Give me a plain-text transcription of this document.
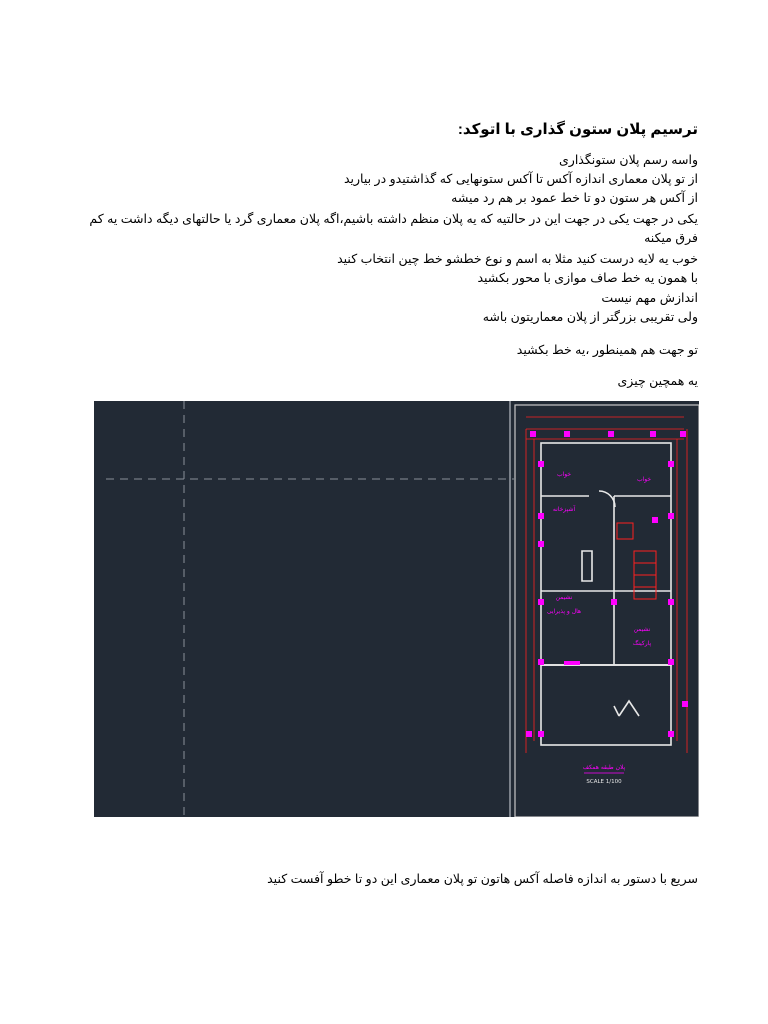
ترسیم پلان ستون گذاری با اتوکد:
واسه رسم پلان ستونگذاری
از تو پلان معماری اندازه آکس تا آکس ستونهایی که گذاشتیدو در بیارید
از آکس هر ستون دو تا خط عمود بر هم رد میشه
یکی در جهت یکی در جهت این در حالتیه که یه پلان منظم داشته باشیم،اگه پلان معماری گرد یا حالتهای دیگه داشت یه کم فرق میکنه
خوب یه لایه درست کنید مثلا به اسم و نوع خطشو خط چین انتخاب کنید
با همون یه خط صاف موازی با محور بکشید
اندازش مهم نیست
ولی تقریبی بزرگتر از پلان معماریتون باشه
تو جهت هم همینطور ،یه خط بکشید
یه همچین چیزی
سریع با دستور به اندازه فاصله آکس هاتون تو پلان معماری این دو تا خطو آفست کنید
خواب
خواب
آشپزخانه
نشیمن
هال و پذیرایی
پارکینگ
نشیمن
پلان طبقه همکف
SCALE 1/100
